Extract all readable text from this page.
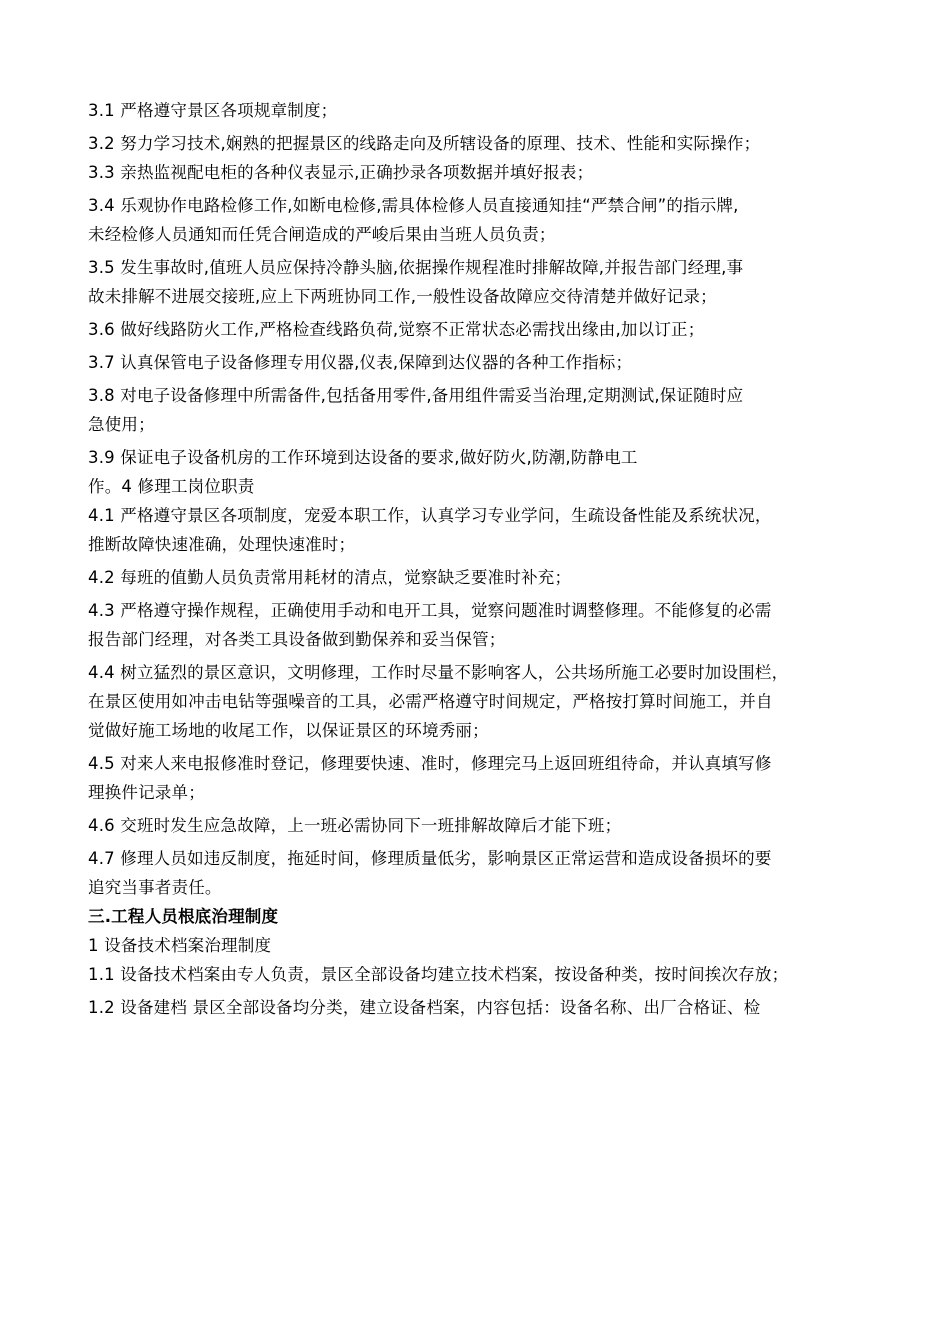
3.1 严格遵守景区各项规章制度；
3.2 努力学习技术,娴熟的把握景区的线路走向及所辖设备的原理、技术、性能和实际操作；
3.3 亲热监视配电柜的各种仪表显示,正确抄录各项数据并填好报表；
3.4 乐观协作电路检修工作,如断电检修,需具体检修人员直接通知挂“严禁合闸”的指示牌,
未经检修人员通知而任凭合闸造成的严峻后果由当班人员负责；
3.5 发生事故时,值班人员应保持冷静头脑,依据操作规程准时排解故障,并报告部门经理,事
故未排解不进展交接班,应上下两班协同工作,一般性设备故障应交待清楚并做好记录；
3.6 做好线路防火工作,严格检查线路负荷,觉察不正常状态必需找出缘由,加以订正；
3.7 认真保管电子设备修理专用仪器,仪表,保障到达仪器的各种工作指标；
3.8 对电子设备修理中所需备件,包括备用零件,备用组件需妥当治理,定期测试,保证随时应
急使用；
3.9 保证电子设备机房的工作环境到达设备的要求,做好防火,防潮,防静电工
作。4 修理工岗位职责
4.1 严格遵守景区各项制度，宠爱本职工作，认真学习专业学问，生疏设备性能及系统状况，
推断故障快速准确，处理快速准时；
4.2 每班的值勤人员负责常用耗材的清点，觉察缺乏要准时补充；
4.3 严格遵守操作规程，正确使用手动和电开工具，觉察问题准时调整修理。不能修复的必需
报告部门经理，对各类工具设备做到勤保养和妥当保管；
4.4 树立猛烈的景区意识，文明修理，工作时尽量不影响客人，公共场所施工必要时加设围栏，
在景区使用如冲击电钻等强噪音的工具，必需严格遵守时间规定，严格按打算时间施工，并自
觉做好施工场地的收尾工作，以保证景区的环境秀丽；
4.5 对来人来电报修准时登记，修理要快速、准时，修理完马上返回班组待命，并认真填写修
理换件记录单；
4.6 交班时发生应急故障，上一班必需协同下一班排解故障后才能下班；
4.7 修理人员如违反制度，拖延时间，修理质量低劣，影响景区正常运营和造成设备损坏的要
追究当事者责任。
三.工程人员根底治理制度
1 设备技术档案治理制度
1.1 设备技术档案由专人负责，景区全部设备均建立技术档案，按设备种类，按时间挨次存放；
1.2 设备建档 景区全部设备均分类，建立设备档案，内容包括：设备名称、出厂合格证、检
